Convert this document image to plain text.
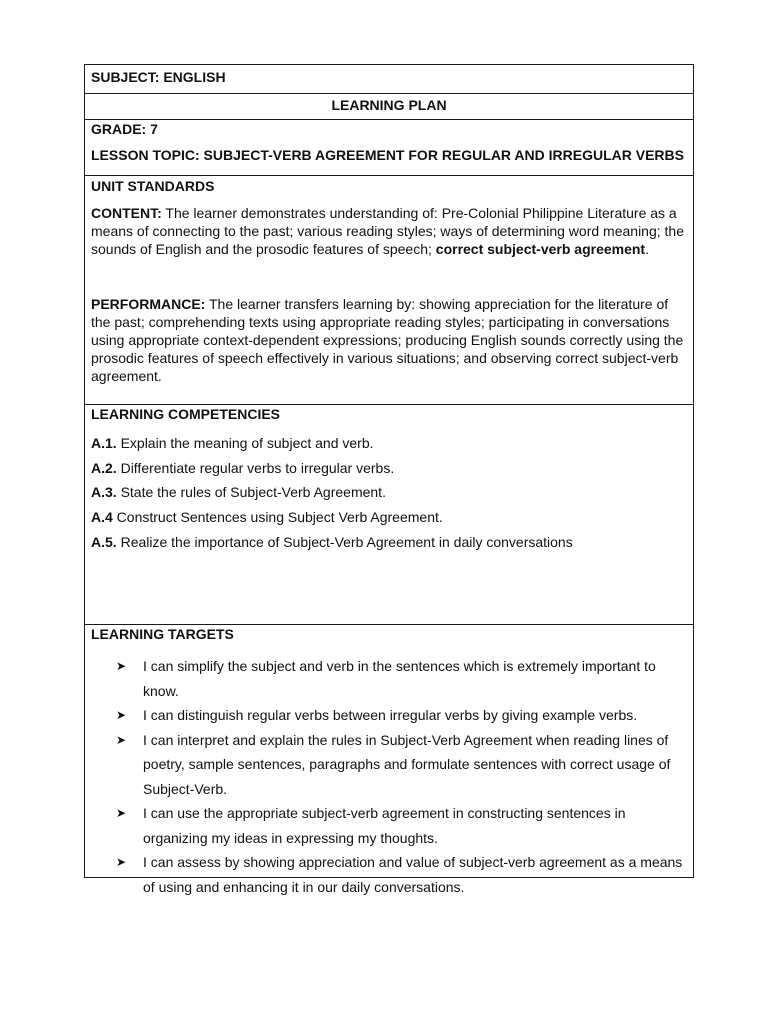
SUBJECT: ENGLISH
LEARNING PLAN
GRADE: 7
LESSON TOPIC: SUBJECT-VERB AGREEMENT FOR REGULAR AND IRREGULAR VERBS
UNIT STANDARDS

CONTENT: The learner demonstrates understanding of: Pre-Colonial Philippine Literature as a means of connecting to the past; various reading styles; ways of determining word meaning; the sounds of English and the prosodic features of speech; correct subject-verb agreement.

PERFORMANCE: The learner transfers learning by: showing appreciation for the literature of the past; comprehending texts using appropriate reading styles; participating in conversations using appropriate context-dependent expressions; producing English sounds correctly using the prosodic features of speech effectively in various situations; and observing correct subject-verb agreement.

LEARNING COMPETENCIES
A.1. Explain the meaning of subject and verb.
A.2. Differentiate regular verbs to irregular verbs.
A.3. State the rules of Subject-Verb Agreement.
A.4 Construct Sentences using Subject Verb Agreement.
A.5. Realize the importance of Subject-Verb Agreement in daily conversations
LEARNING TARGETS
➤	I can simplify the subject and verb in the sentences which is extremely important to know.
➤	I can distinguish regular verbs between irregular verbs by giving example verbs.
➤	I can interpret and explain the rules in Subject-Verb Agreement when reading lines of poetry, sample sentences, paragraphs and formulate sentences with correct usage of Subject-Verb.
➤	I can use the appropriate subject-verb agreement in constructing sentences in organizing my ideas in expressing my thoughts.
➤	I can assess by showing appreciation and value of subject-verb agreement as a means of using and enhancing it in our daily conversations.
